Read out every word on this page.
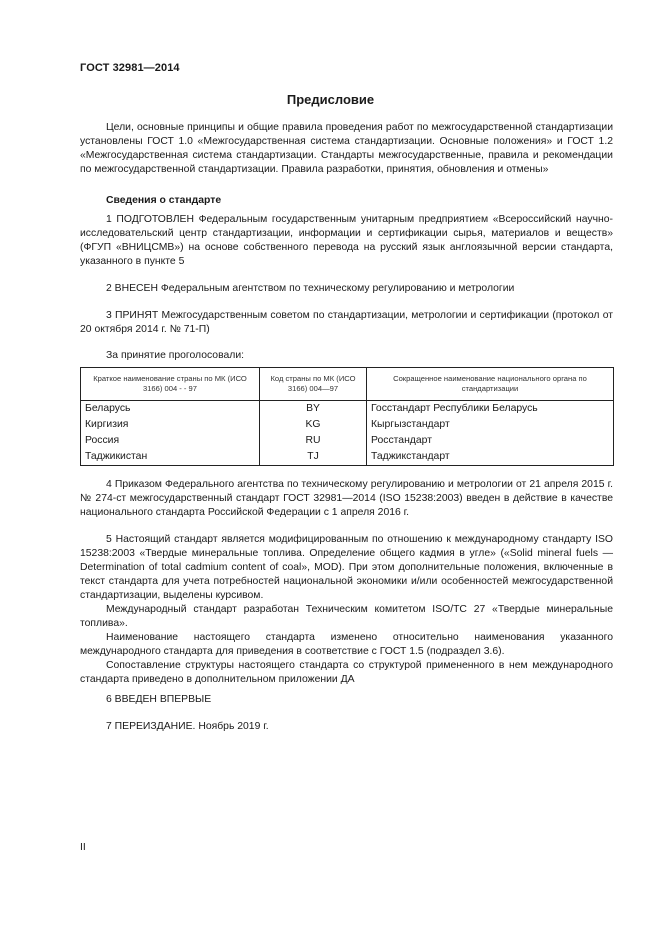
ГОСТ 32981—2014
Предисловие

Цели, основные принципы и общие правила проведения работ по межгосударственной стандартизации установлены ГОСТ 1.0 «Межгосударственная система стандартизации. Основные положения» и ГОСТ 1.2 «Межгосударственная система стандартизации. Стандарты межгосударственные, правила и рекомендации по межгосударственной стандартизации. Правила разработки, принятия, обновления и отмены»

Сведения о стандарте

1 ПОДГОТОВЛЕН Федеральным государственным унитарным предприятием «Всероссийский научно-исследовательский центр стандартизации, информации и сертификации сырья, материалов и веществ» (ФГУП «ВНИЦСМВ») на основе собственного перевода на русский язык англоязычной версии стандарта, указанного в пункте 5

2 ВНЕСЕН Федеральным агентством по техническому регулированию и метрологии

3 ПРИНЯТ Межгосударственным советом по стандартизации, метрологии и сертификации (протокол от 20 октября 2014 г. № 71-П)

За принятие проголосовали:
Краткое наименование страны по МК (ИСО 3166) 004 - - 97	Код страны по МК (ИСО 3166) 004—97	Сокращенное наименование национального органа по стандартизации
Беларусь	BY	Госстандарт Республики Беларусь
Киргизия	KG	Кыргызстандарт
Россия	RU	Росстандарт
Таджикистан	TJ	Таджикстандарт

4 Приказом Федерального агентства по техническому регулированию и метрологии от 21 апреля 2015 г. № 274-ст межгосударственный стандарт ГОСТ 32981—2014 (ISO 15238:2003) введен в действие в качестве национального стандарта Российской Федерации с 1 апреля 2016 г.

5 Настоящий стандарт является модифицированным по отношению к международному стандарту ISO 15238:2003 «Твердые минеральные топлива. Определение общего кадмия в угле» («Solid mineral fuels — Determination of total cadmium content of coal», MOD). При этом дополнительные положения, включенные в текст стандарта для учета потребностей национальной экономики и/или особенностей межгосударственной стандартизации, выделены курсивом.

Международный стандарт разработан Техническим комитетом ISO/TC 27 «Твердые минеральные топлива».

Наименование настоящего стандарта изменено относительно наименования указанного международного стандарта для приведения в соответствие с ГОСТ 1.5 (подраздел 3.6).

Сопоставление структуры настоящего стандарта со структурой примененного в нем международного стандарта приведено в дополнительном приложении ДА

6 ВВЕДЕН ВПЕРВЫЕ
7 ПЕРЕИЗДАНИЕ. Ноябрь 2019 г.
II
